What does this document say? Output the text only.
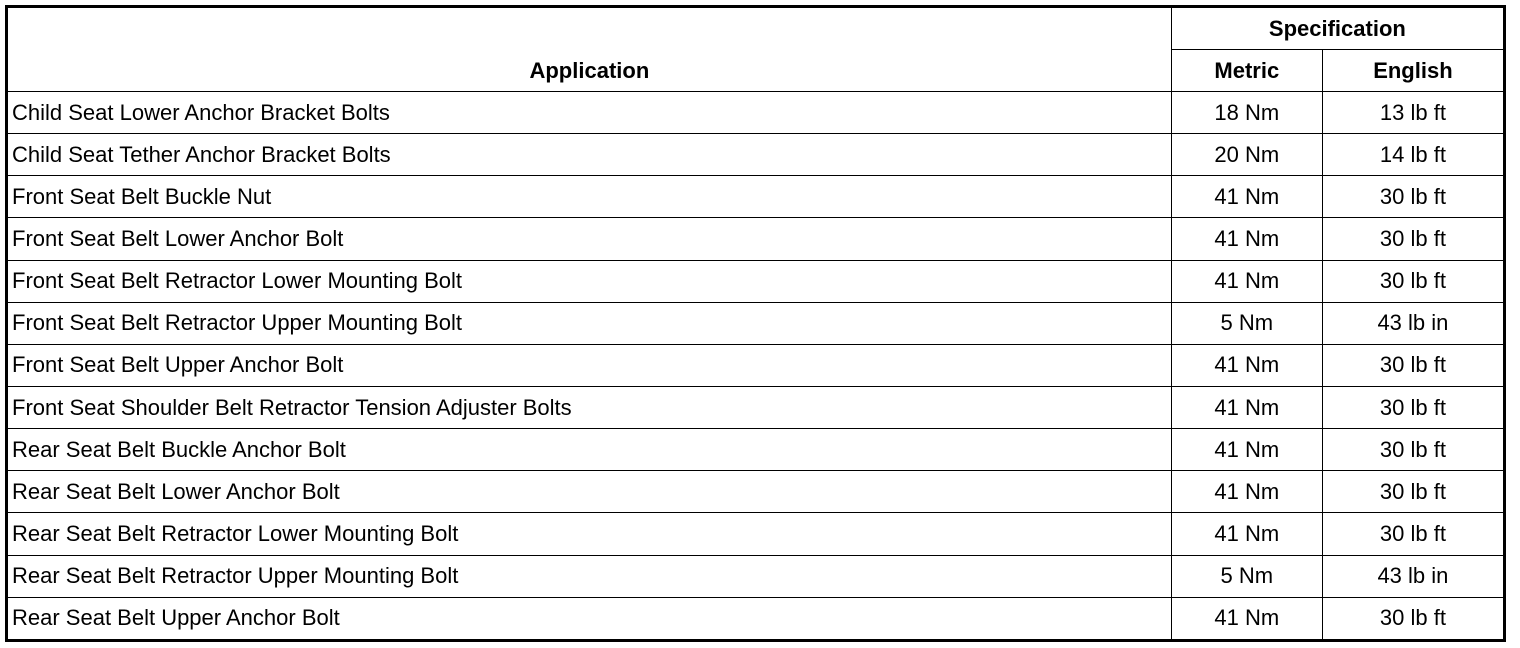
Application	Specification	
	Metric	English
Child Seat Lower Anchor Bracket Bolts	18 Nm	13 lb ft
Child Seat Tether Anchor Bracket Bolts	20 Nm	14 lb ft
Front Seat Belt Buckle Nut	41 Nm	30 lb ft
Front Seat Belt Lower Anchor Bolt	41 Nm	30 lb ft
Front Seat Belt Retractor Lower Mounting Bolt	41 Nm	30 lb ft
Front Seat Belt Retractor Upper Mounting Bolt	5 Nm	43 lb in
Front Seat Belt Upper Anchor Bolt	41 Nm	30 lb ft
Front Seat Shoulder Belt Retractor Tension Adjuster Bolts	41 Nm	30 lb ft
Rear Seat Belt Buckle Anchor Bolt	41 Nm	30 lb ft
Rear Seat Belt Lower Anchor Bolt	41 Nm	30 lb ft
Rear Seat Belt Retractor Lower Mounting Bolt	41 Nm	30 lb ft
Rear Seat Belt Retractor Upper Mounting Bolt	5 Nm	43 lb in
Rear Seat Belt Upper Anchor Bolt	41 Nm	30 lb ft
